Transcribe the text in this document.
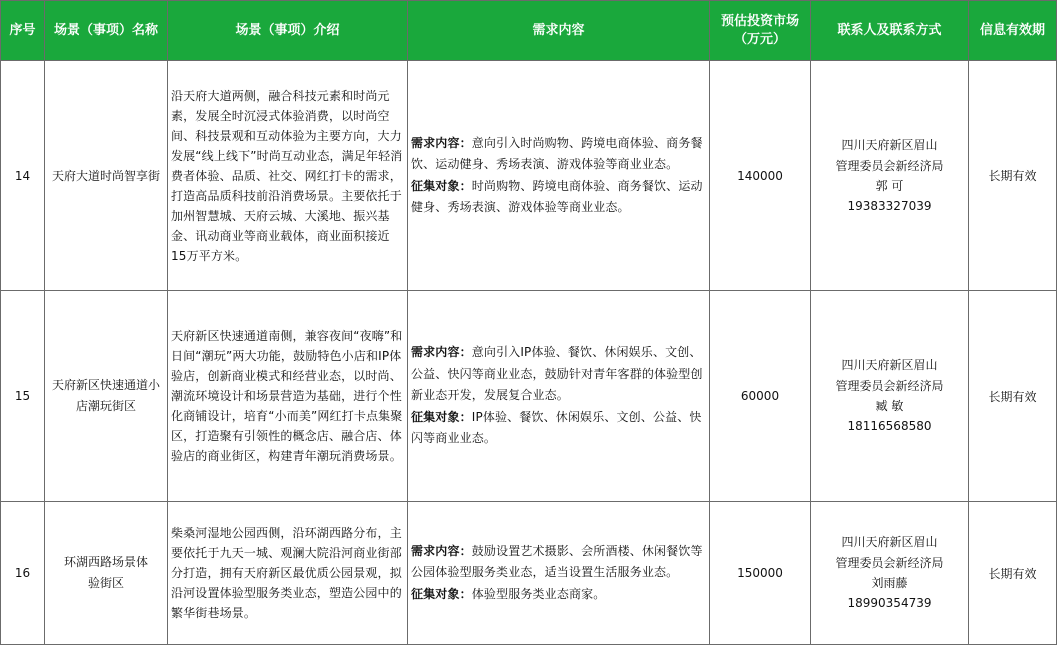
序号	场景（事项）名称	场景（事项）介绍	需求内容	预估投资市场（万元）	联系人及联系方式	信息有效期
14	天府大道时尚智享街	沿天府大道两侧，融合科技元素和时尚元素，发展全时沉浸式体验消费，以时尚空间、科技景观和互动体验为主要方向，大力发展“线上线下”时尚互动业态，满足年轻消费者体验、品质、社交、网红打卡的需求，打造高品质科技前沿消费场景。主要依托于加州智慧城、天府云城、大溪地、振兴基金、讯动商业等商业载体，商业面积接近15万平方米。	需求内容：意向引入时尚购物、跨境电商体验、商务餐饮、运动健身、秀场表演、游戏体验等商业业态。
征集对象：时尚购物、跨境电商体验、商务餐饮、运动健身、秀场表演、游戏体验等商业业态。	140000	四川天府新区眉山
管理委员会新经济局
郭 可
19383327039	长期有效
15	天府新区快速通道小店潮玩街区	天府新区快速通道南侧，兼容夜间“夜嗨”和日间“潮玩”两大功能，鼓励特色小店和IP体验店，创新商业模式和经营业态，以时尚、潮流环境设计和场景营造为基础，进行个性化商铺设计，培育“小而美”网红打卡点集聚区，打造聚有引领性的概念店、融合店、体验店的商业街区，构建青年潮玩消费场景。	需求内容：意向引入IP体验、餐饮、休闲娱乐、文创、公益、快闪等商业业态，鼓励针对青年客群的体验型创新业态开发，发展复合业态。
征集对象：IP体验、餐饮、休闲娱乐、文创、公益、快闪等商业业态。	60000	四川天府新区眉山
管理委员会新经济局
臧 敏
18116568580	长期有效
16	环湖西路场景体验街区	柴桑河湿地公园西侧，沿环湖西路分布，主要依托于九天一城、观澜大院沿河商业街部分打造，拥有天府新区最优质公园景观，拟沿河设置体验型服务类业态，塑造公园中的繁华街巷场景。	需求内容：鼓励设置艺术摄影、会所酒楼、休闲餐饮等公园体验型服务类业态，适当设置生活服务业态。
征集对象：体验型服务类业态商家。	150000	四川天府新区眉山
管理委员会新经济局
刘雨藤
18990354739	长期有效
